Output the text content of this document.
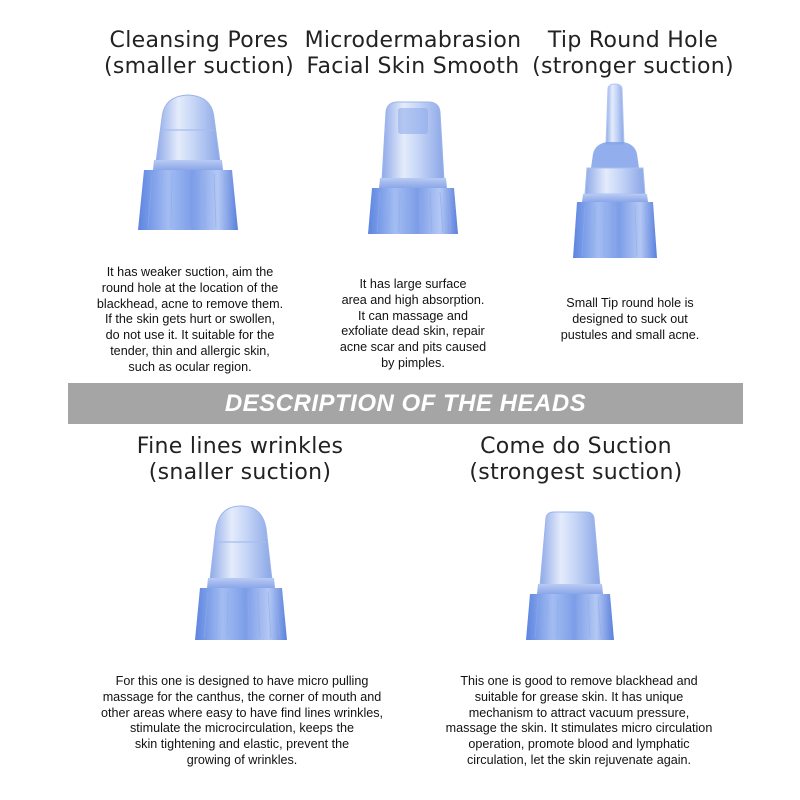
Cleansing Pores
(smaller suction)
It has weaker suction, aim the
round hole at the location of the
blackhead, acne to remove them.
If the skin gets hurt or swollen,
do not use it. It suitable for the
tender, thin and allergic skin,
such as ocular region.
Microdermabrasion
Facial Skin Smooth
It has large surface
area and high absorption.
It can massage and
exfoliate dead skin, repair
acne scar and pits caused
by pimples.
Tip Round Hole
(stronger suction)
Small Tip round hole is
designed to suck out
pustules and small acne.
DESCRIPTION OF THE HEADS
Fine lines wrinkles
(snaller suction)
For this one is designed to have micro pulling
massage for the canthus, the corner of mouth and
other areas where easy to have find lines wrinkles,
stimulate the microcirculation, keeps the
skin tightening and elastic, prevent the
growing of wrinkles.
Come do Suction
(strongest suction)
This one is good to remove blackhead and
suitable for grease skin. It has unique
mechanism to attract vacuum pressure,
massage the skin. It stimulates micro circulation
operation, promote blood and lymphatic
circulation, let the skin rejuvenate again.
